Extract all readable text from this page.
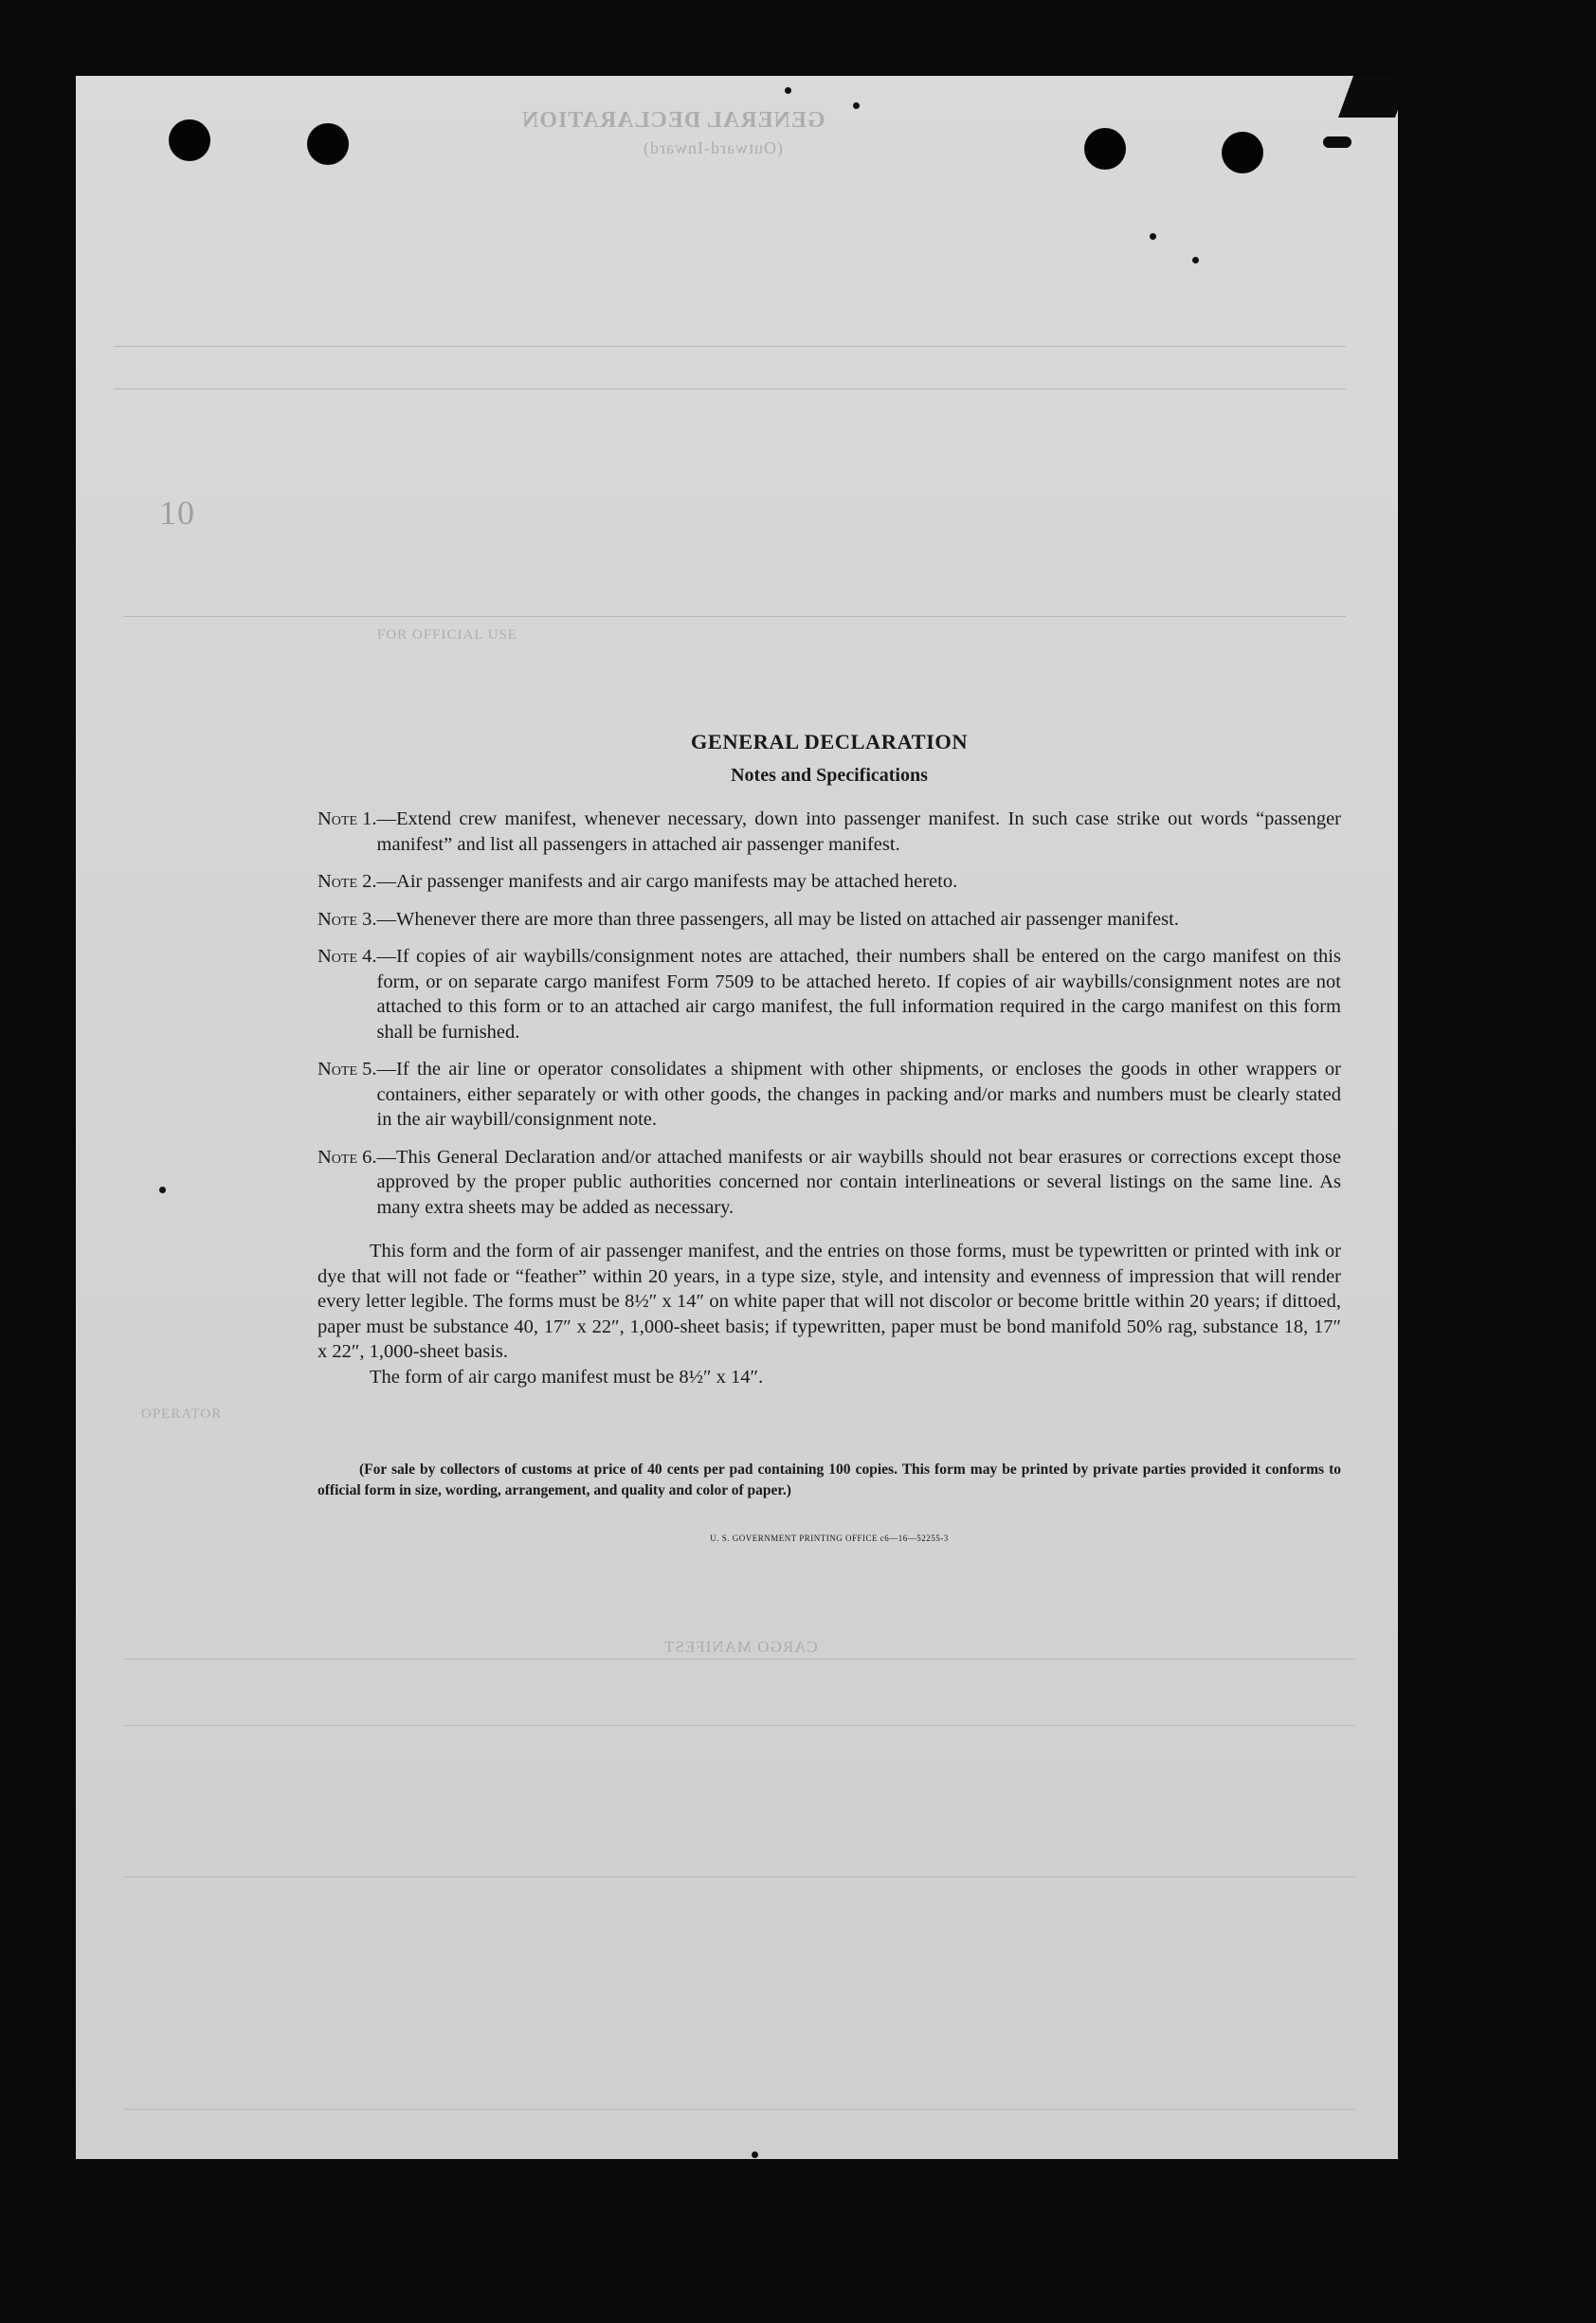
GENERAL DECLARATION
(Outward-Inward)
10
FOR OFFICIAL USE
OPERATOR
CARGO MANIFEST
GENERAL DECLARATION
Notes and Specifications
Note 1. —Extend crew manifest, whenever necessary, down into passenger manifest. In such case strike out words “passenger manifest” and list all passengers in attached air passenger manifest.
Note 2. —Air passenger manifests and air cargo manifests may be attached hereto.
Note 3. —Whenever there are more than three passengers, all may be listed on attached air passenger manifest.
Note 4. —If copies of air waybills/consignment notes are attached, their numbers shall be entered on the cargo manifest on this form, or on separate cargo manifest Form 7509 to be attached hereto. If copies of air waybills/consignment notes are not attached to this form or to an attached air cargo manifest, the full information required in the cargo manifest on this form shall be furnished.
Note 5. —If the air line or operator consolidates a shipment with other shipments, or encloses the goods in other wrappers or containers, either separately or with other goods, the changes in packing and/or marks and numbers must be clearly stated in the air waybill/consignment note.
Note 6. —This General Declaration and/or attached manifests or air waybills should not bear erasures or corrections except those approved by the proper public authorities concerned nor contain interlineations or several listings on the same line. As many extra sheets may be added as necessary.
This form and the form of air passenger manifest, and the entries on those forms, must be typewritten or printed with ink or dye that will not fade or “feather” within 20 years, in a type size, style, and intensity and evenness of impression that will render every letter legible. The forms must be 8½″ x 14″ on white paper that will not discolor or become brittle within 20 years; if dittoed, paper must be substance 40, 17″ x 22″, 1,000-sheet basis; if typewritten, paper must be bond manifold 50% rag, substance 18, 17″ x 22″, 1,000-sheet basis.
The form of air cargo manifest must be 8½″ x 14″.
(For sale by collectors of customs at price of 40 cents per pad containing 100 copies. This form may be printed by private parties provided it conforms to official form in size, wording, arrangement, and quality and color of paper.)
U. S. GOVERNMENT PRINTING OFFICE c6—16—52255-3
